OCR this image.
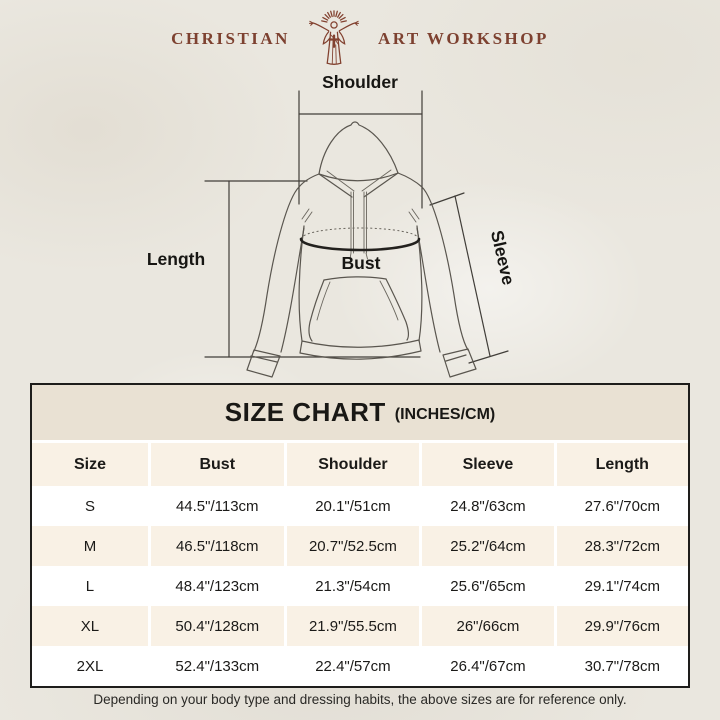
CHRISTIAN	ART WORKSHOP
Shoulder
Length	Bust	Sleeve
SIZE CHART (INCHES/CM)
Size	Bust	Shoulder	Sleeve	Length
S	44.5"/113cm	20.1"/51cm	24.8"/63cm	27.6"/70cm
M	46.5"/118cm	20.7"/52.5cm	25.2"/64cm	28.3"/72cm
L	48.4"/123cm	21.3"/54cm	25.6"/65cm	29.1"/74cm
XL	50.4"/128cm	21.9"/55.5cm	26"/66cm	29.9"/76cm
2XL	52.4"/133cm	22.4"/57cm	26.4"/67cm	30.7"/78cm

Depending on your body type and dressing habits, the above sizes are for reference only.
